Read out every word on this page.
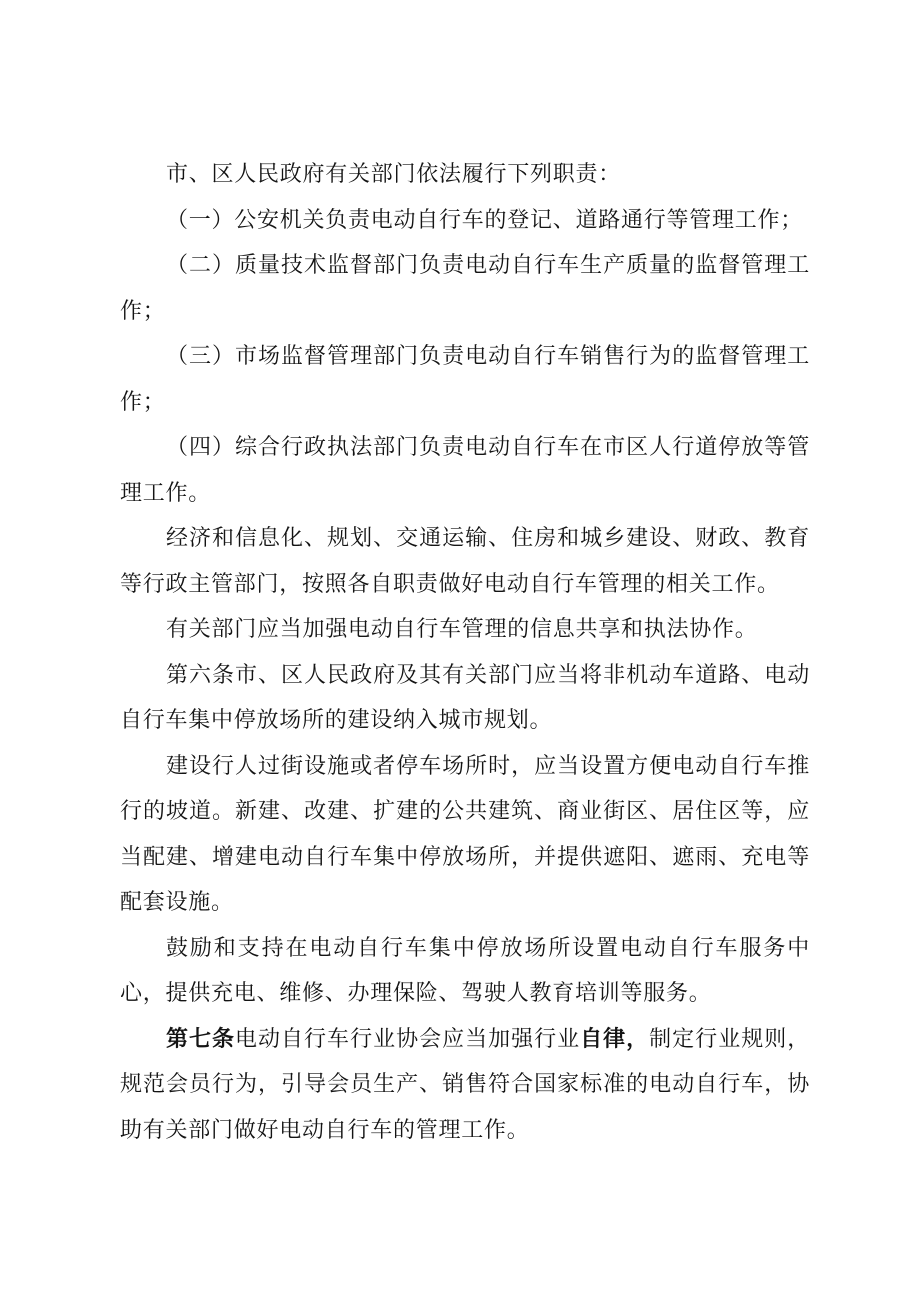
市、区人民政府有关部门依法履行下列职责：

（一）公安机关负责电动自行车的登记、道路通行等管理工作；

（二）质量技术监督部门负责电动自行车生产质量的监督管理工作；

（三）市场监督管理部门负责电动自行车销售行为的监督管理工作；

（四）综合行政执法部门负责电动自行车在市区人行道停放等管理工作。

经济和信息化、规划、交通运输、住房和城乡建设、财政、教育等行政主管部门，按照各自职责做好电动自行车管理的相关工作。

有关部门应当加强电动自行车管理的信息共享和执法协作。

第六条市、区人民政府及其有关部门应当将非机动车道路、电动自行车集中停放场所的建设纳入城市规划。

建设行人过街设施或者停车场所时，应当设置方便电动自行车推行的坡道。新建、改建、扩建的公共建筑、商业街区、居住区等，应当配建、增建电动自行车集中停放场所，并提供遮阳、遮雨、充电等配套设施。

鼓励和支持在电动自行车集中停放场所设置电动自行车服务中心，提供充电、维修、办理保险、驾驶人教育培训等服务。

第七条电动自行车行业协会应当加强行业自律，制定行业规则，规范会员行为，引导会员生产、销售符合国家标准的电动自行车，协助有关部门做好电动自行车的管理工作。
